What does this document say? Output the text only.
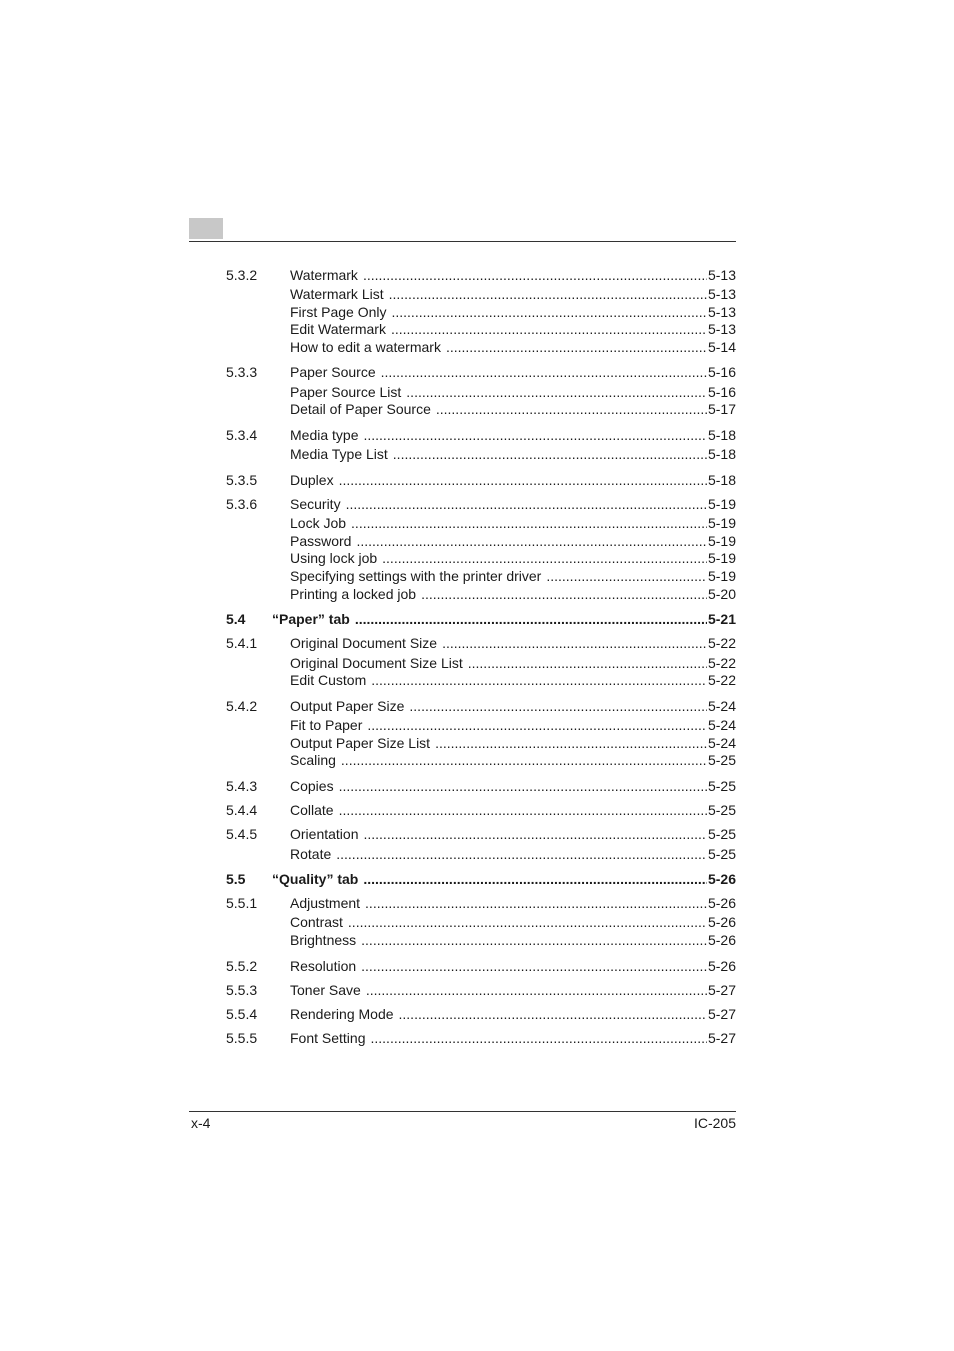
5.3.2 Watermark .....	5-13
Watermark List .....	5-13
First Page Only .....	5-13
Edit Watermark .....	5-13
How to edit a watermark .....	5-14
5.3.3 Paper Source .....	5-16
Paper Source List .....	5-16
Detail of Paper Source .....	5-17
5.3.4 Media type .....	5-18
Media Type List .....	5-18
5.3.5 Duplex .....	5-18
5.3.6 Security .....	5-19
Lock Job .....	5-19
Password .....	5-19
Using lock job .....	5-19
Specifying settings with the printer driver .....	5-19
Printing a locked job .....	5-20
5.4 “Paper” tab .....	5-21
5.4.1 Original Document Size .....	5-22
Original Document Size List .....	5-22
Edit Custom .....	5-22
5.4.2 Output Paper Size .....	5-24
Fit to Paper .....	5-24
Output Paper Size List .....	5-24
Scaling .....	5-25
5.4.3 Copies .....	5-25
5.4.4 Collate .....	5-25
5.4.5 Orientation .....	5-25
Rotate .....	5-25
5.5 “Quality” tab .....	5-26
5.5.1 Adjustment .....	5-26
Contrast .....	5-26
Brightness .....	5-26
5.5.2 Resolution .....	5-26
5.5.3 Toner Save .....	5-27
5.5.4 Rendering Mode .....	5-27
5.5.5 Font Setting .....	5-27
x-4	IC-205
